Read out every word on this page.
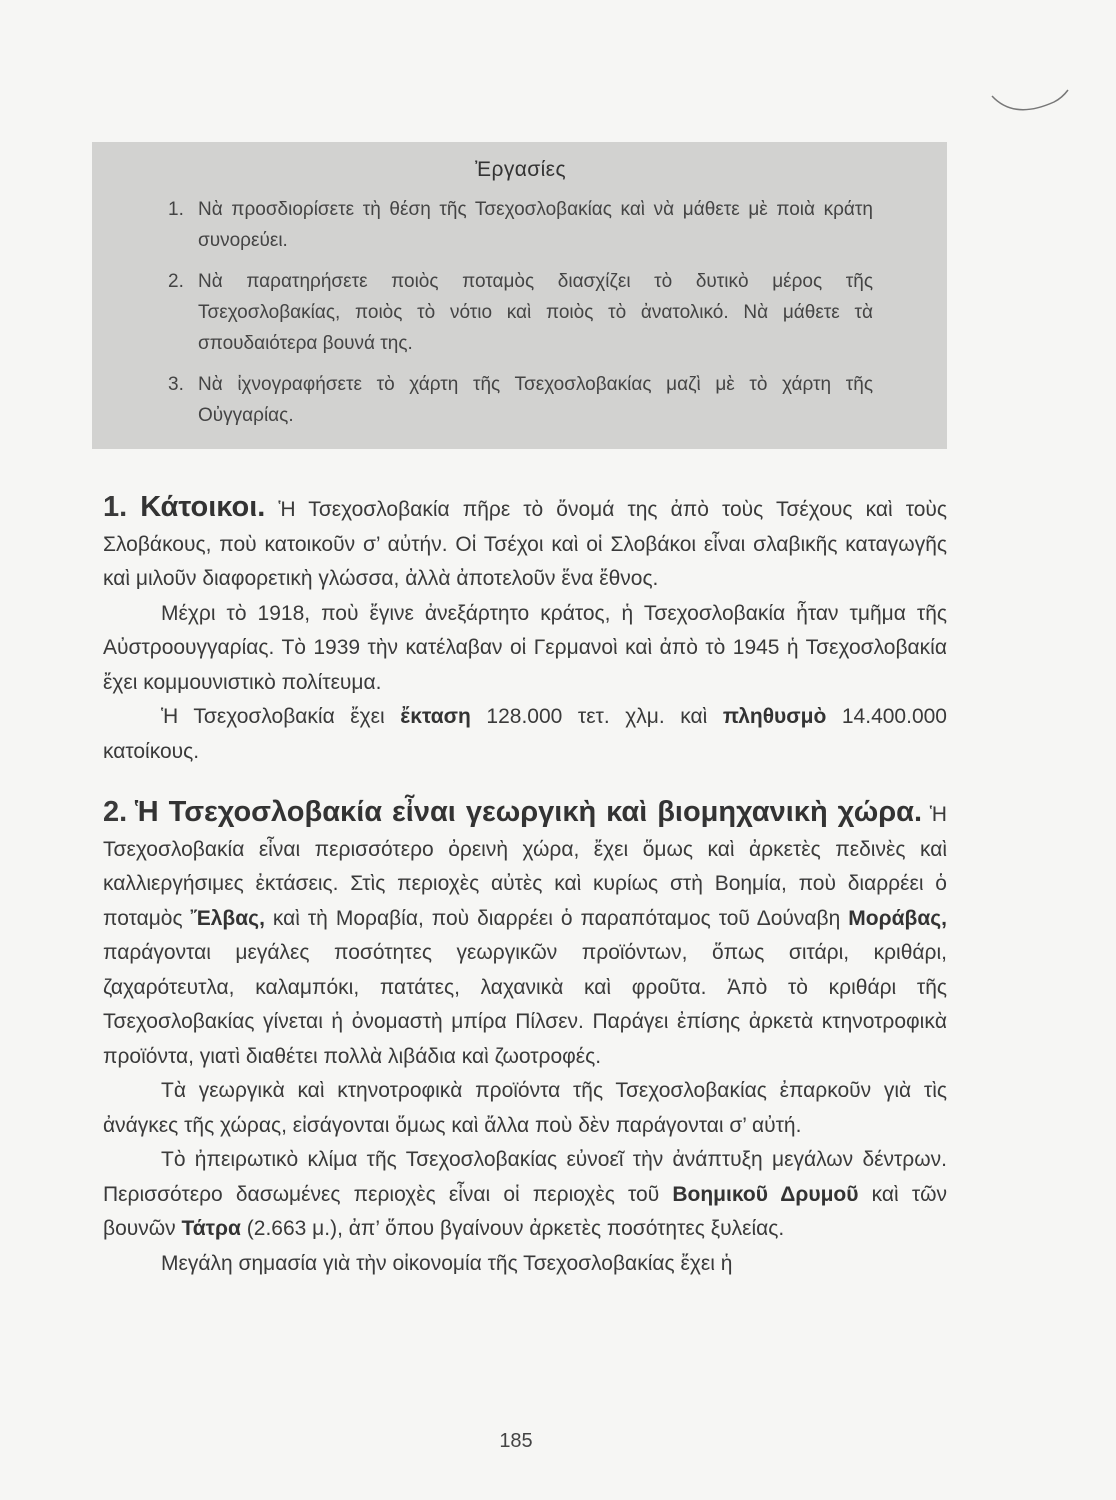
Ἐργασίες
1. Νὰ προσδιορίσετε τὴ θέση τῆς Τσεχοσλοβακίας καὶ νὰ μάθετε μὲ ποιὰ κράτη συνορεύει.
2. Νὰ παρατηρήσετε ποιὸς ποταμὸς διασχίζει τὸ δυτικὸ μέρος τῆς Τσεχοσλοβακίας, ποιὸς τὸ νότιο καὶ ποιὸς τὸ ἀνατολικό. Νὰ μάθετε τὰ σπουδαιότερα βουνά της.
3. Νὰ ἰχνογραφήσετε τὸ χάρτη τῆς Τσεχοσλοβακίας μαζὶ μὲ τὸ χάρτη τῆς Οὐγγαρίας.

1. Κάτοικοι. Ἡ Τσεχοσλοβακία πῆρε τὸ ὄνομά της ἀπὸ τοὺς Τσέχους καὶ τοὺς Σλοβάκους, ποὺ κατοικοῦν σ’ αὐτήν. Οἱ Τσέχοι καὶ οἱ Σλοβάκοι εἶναι σλαβικῆς καταγωγῆς καὶ μιλοῦν διαφορετικὴ γλώσσα, ἀλλὰ ἀποτελοῦν ἕνα ἔθνος.

Μέχρι τὸ 1918, ποὺ ἔγινε ἀνεξάρτητο κράτος, ἡ Τσεχοσλοβακία ἦταν τμῆμα τῆς Αὐστροουγγαρίας. Τὸ 1939 τὴν κατέλαβαν οἱ Γερμανοὶ καὶ ἀπὸ τὸ 1945 ἡ Τσεχοσλοβακία ἔχει κομμουνιστικὸ πολίτευμα.

Ἡ Τσεχοσλοβακία ἔχει ἔκταση 128.000 τετ. χλμ. καὶ πληθυσμὸ 14.400.000 κατοίκους.

2. Ἡ Τσεχοσλοβακία εἶναι γεωργικὴ καὶ βιομηχανικὴ χώρα. Ἡ Τσεχοσλοβακία εἶναι περισσότερο ὀρεινὴ χώρα, ἔχει ὅμως καὶ ἀρκετὲς πεδινὲς καὶ καλλιεργήσιμες ἐκτάσεις. Στὶς περιοχὲς αὐτὲς καὶ κυρίως στὴ Βοημία, ποὺ διαρρέει ὁ ποταμὸς Ἔλβας, καὶ τὴ Μοραβία, ποὺ διαρρέει ὁ παραπόταμος τοῦ Δούναβη Μοράβας, παράγονται μεγάλες ποσότητες γεωργικῶν προϊόντων, ὅπως σιτάρι, κριθάρι, ζαχαρότευτλα, καλαμπόκι, πατάτες, λαχανικὰ καὶ φροῦτα. Ἀπὸ τὸ κριθάρι τῆς Τσεχοσλοβακίας γίνεται ἡ ὀνομαστὴ μπίρα Πίλσεν. Παράγει ἐπίσης ἀρκετὰ κτηνοτροφικὰ προϊόντα, γιατὶ διαθέτει πολλὰ λιβάδια καὶ ζωοτροφές.

Τὰ γεωργικὰ καὶ κτηνοτροφικὰ προϊόντα τῆς Τσεχοσλοβακίας ἐπαρκοῦν γιὰ τὶς ἀνάγκες τῆς χώρας, εἰσάγονται ὅμως καὶ ἄλλα ποὺ δὲν παράγονται σ’ αὐτή.

Τὸ ἠπειρωτικὸ κλίμα τῆς Τσεχοσλοβακίας εὐνοεῖ τὴν ἀνάπτυξη μεγάλων δέντρων. Περισσότερο δασωμένες περιοχὲς εἶναι οἱ περιοχὲς τοῦ Βοημικοῦ Δρυμοῦ καὶ τῶν βουνῶν Τάτρα (2.663 μ.), ἀπ’ ὅπου βγαίνουν ἀρκετὲς ποσότητες ξυλείας.

Μεγάλη σημασία γιὰ τὴν οἰκονομία τῆς Τσεχοσλοβακίας ἔχει ἡ

185
